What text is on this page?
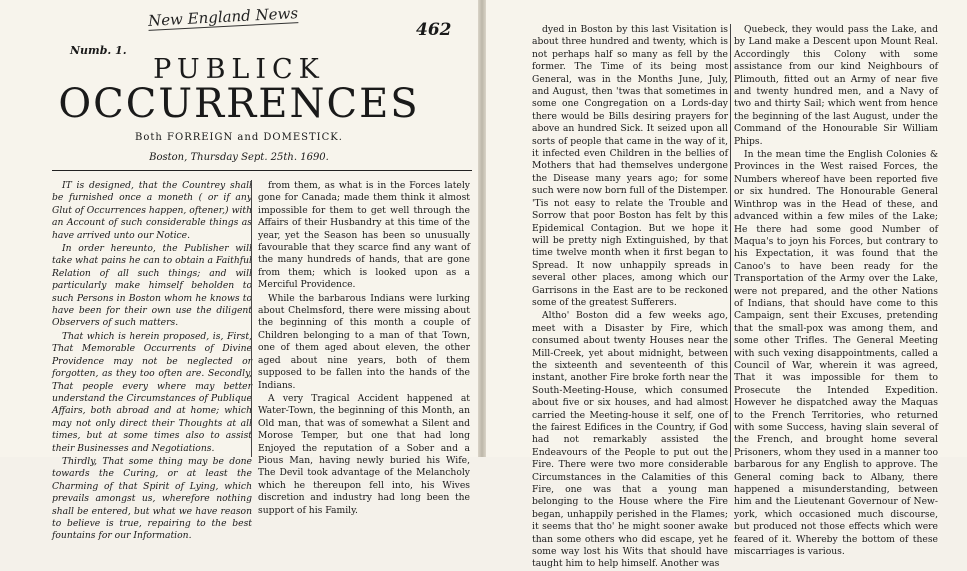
New England News
462
Numb. 1.
PUBLICK
OCCURRENCES
Both FORREIGN and DOMESTICK.
Boston, Thursday Sept. 25th. 1690.

IT is designed, that the Countrey shall be furnished once a moneth ( or if any Glut of Occurrences happen, oftener,) with an Account of such considerable things as have arrived unto our Notice.

In order hereunto, the Publisher will take what pains he can to obtain a Faithful Relation of all such things; and will particularly make himself beholden to such Persons in Boston whom he knows to have been for their own use the diligent Observers of such matters.

That which is herein proposed, is, First, That Memorable Occurrents of Divine Providence may not be neglected or forgotten, as they too often are. Secondly, That people every where may better understand the Circumstances of Publique Affairs, both abroad and at home; which may not only direct their Thoughts at all times, but at some times also to assist their Businesses and Negotiations.

Thirdly, That some thing may be done towards the Curing, or at least the Charming of that Spirit of Lying, which prevails amongst us, wherefore nothing shall be entered, but what we have reason to believe is true, repairing to the best fountains for our Information.

from them, as what is in the Forces lately gone for Canada; made them think it almost impossible for them to get well through the Affairs of their Husbandry at this time of the year, yet the Season has been so unusually favourable that they scarce find any want of the many hundreds of hands, that are gone from them; which is looked upon as a Merciful Providence.

While the barbarous Indians were lurking about Chelmsford, there were missing about the beginning of this month a couple of Children belonging to a man of that Town, one of them aged about eleven, the other aged about nine years, both of them supposed to be fallen into the hands of the Indians.

A very Tragical Accident happened at Water-Town, the beginning of this Month, an Old man, that was of somewhat a Silent and Morose Temper, but one that had long Enjoyed the reputation of a Sober and a Pious Man, having newly buried his Wife, The Devil took advantage of the Melancholy which he thereupon fell into, his Wives discretion and industry had long been the support of his Family.

dyed in Boston by this last Visitation is about three hundred and twenty, which is not perhaps half so many as fell by the former. The Time of its being most General, was in the Months June, July, and August, then 'twas that sometimes in some one Congregation on a Lords-day there would be Bills desiring prayers for above an hundred Sick. It seized upon all sorts of people that came in the way of it, it infected even Children in the bellies of Mothers that had themselves undergone the Disease many years ago; for some such were now born full of the Distemper. 'Tis not easy to relate the Trouble and Sorrow that poor Boston has felt by this Epidemical Contagion. But we hope it will be pretty nigh Extinguished, by that time twelve month when it first began to Spread. It now unhappily spreads in several other places, among which our Garrisons in the East are to be reckoned some of the greatest Sufferers.

Altho' Boston did a few weeks ago, meet with a Disaster by Fire, which consumed about twenty Houses near the Mill-Creek, yet about midnight, between the sixteenth and seventeenth of this instant, another Fire broke forth near the South-Meeting-House, which consumed about five or six houses, and had almost carried the Meeting-house it self, one of the fairest Edifices in the Country, if God had not remarkably assisted the Endeavours of the People to put out the Fire. There were two more considerable Circumstances in the Calamities of this Fire, one was that a young man belonging to the House where the Fire began, unhappily perished in the Flames; it seems that tho' he might sooner awake than some others who did escape, yet he some way lost his Wits that should have taught him to help himself. Another was

Quebeck, they would pass the Lake, and by Land make a Descent upon Mount Real. Accordingly this Colony with some assistance from our kind Neighbours of Plimouth, fitted out an Army of near five and twenty hundred men, and a Navy of two and thirty Sail; which went from hence the beginning of the last August, under the Command of the Honourable Sir William Phips.

In the mean time the English Colonies & Provinces in the West raised Forces, the Numbers whereof have been reported five or six hundred. The Honourable General Winthrop was in the Head of these, and advanced within a few miles of the Lake; He there had some good Number of Maqua's to joyn his Forces, but contrary to his Expectation, it was found that the Canoo's to have been ready for the Transportation of the Army over the Lake, were not prepared, and the other Nations of Indians, that should have come to this Campaign, sent their Excuses, pretending that the small-pox was among them, and some other Trifles. The General Meeting with such vexing disappointments, called a Council of War, wherein it was agreed, That it was impossible for them to Prosecute the Intended Expedition. However he dispatched away the Maquas to the French Territories, who returned with some Success, having slain several of the French, and brought home several Prisoners, whom they used in a manner too barbarous for any English to approve. The General coming back to Albany, there happened a misunderstanding, between him and the Lieutenant Governour of New-york, which occasioned much discourse, but produced not those effects which were feared of it. Whereby the bottom of these miscarriages is various.
